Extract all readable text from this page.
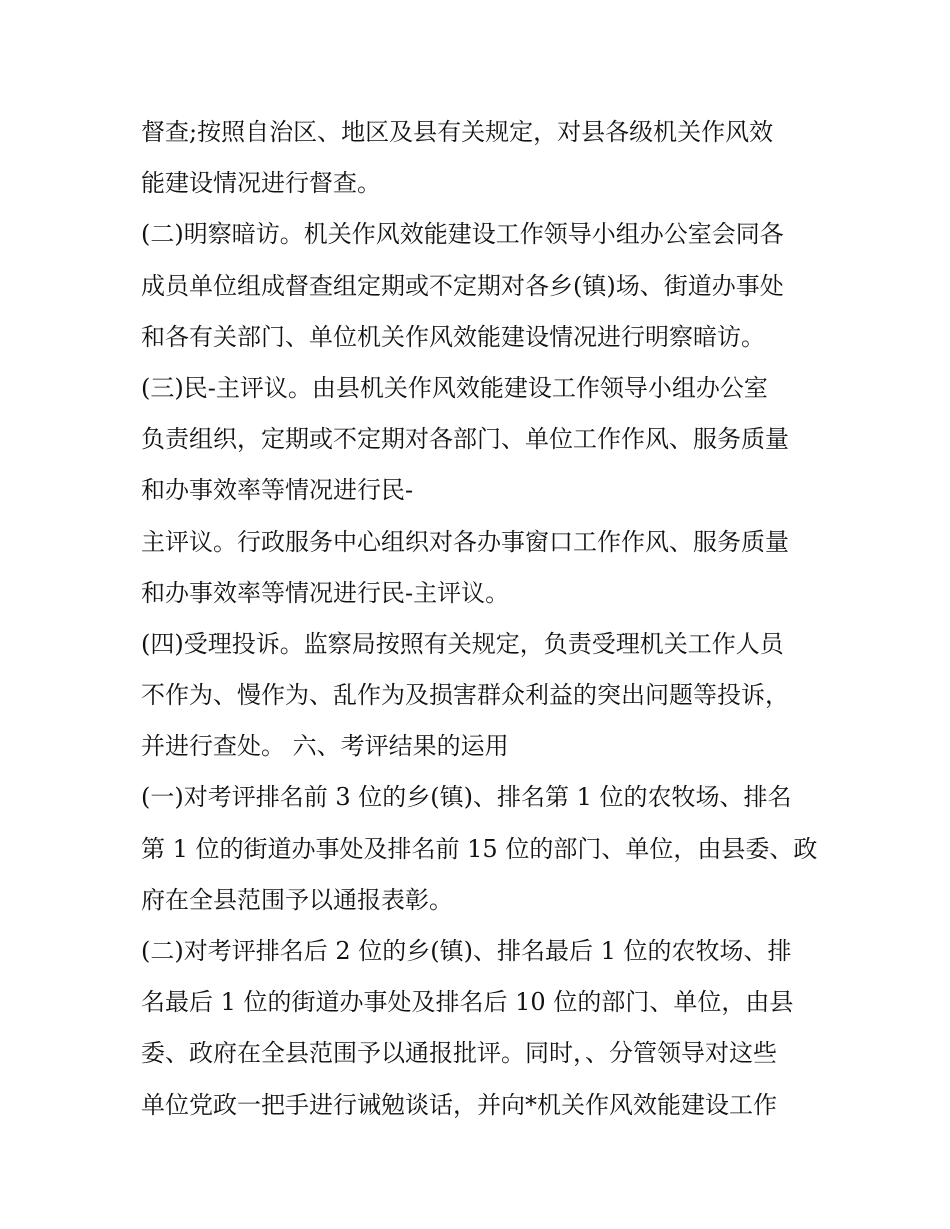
督查;按照自治区、地区及县有关规定，对县各级机关作风效
能建设情况进行督查。
(二)明察暗访。机关作风效能建设工作领导小组办公室会同各
成员单位组成督查组定期或不定期对各乡(镇)场、街道办事处
和各有关部门、单位机关作风效能建设情况进行明察暗访。
(三)民-主评议。由县机关作风效能建设工作领导小组办公室
负责组织，定期或不定期对各部门、单位工作作风、服务质量
和办事效率等情况进行民-
主评议。行政服务中心组织对各办事窗口工作作风、服务质量
和办事效率等情况进行民-主评议。
(四)受理投诉。监察局按照有关规定，负责受理机关工作人员
不作为、慢作为、乱作为及损害群众利益的突出问题等投诉，
并进行查处。 六、考评结果的运用
(一)对考评排名前 3 位的乡(镇)、排名第 1 位的农牧场、排名
第 1 位的街道办事处及排名前 15 位的部门、单位，由县委、政
府在全县范围予以通报表彰。
(二)对考评排名后 2 位的乡(镇)、排名最后 1 位的农牧场、排
名最后 1 位的街道办事处及排名后 10 位的部门、单位，由县
委、政府在全县范围予以通报批评。同时，、分管领导对这些
单位党政一把手进行诫勉谈话，并向*机关作风效能建设工作
